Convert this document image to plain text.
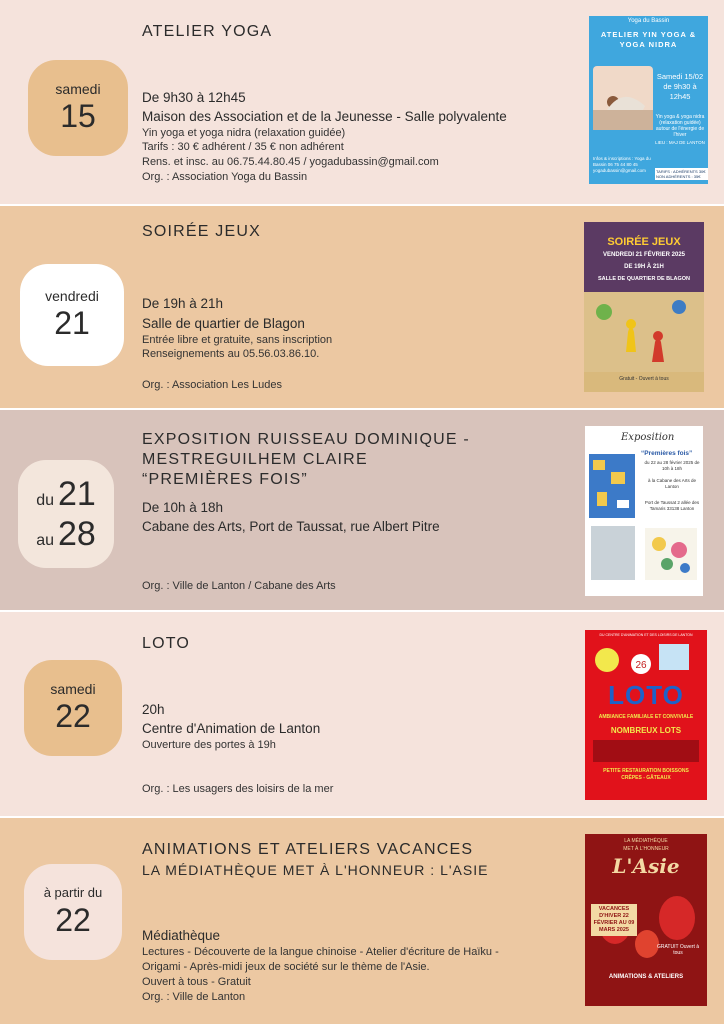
samedi
15
ATELIER YOGA
De 9h30 à 12h45
Maison des Association et de la Jeunesse - Salle polyvalente
Yin yoga et yoga nidra (relaxation guidée)
Tarifs : 30 € adhérent / 35 € non adhérent
Rens. et insc. au 06.75.44.80.45 / yogadubassin@gmail.com
Org. : Association Yoga du Bassin
Yoga du Bassin
ATELIER YIN YOGA & YOGA NIDRA
Samedi 15/02 de 9h30 à 12h45
Yin yoga & yoga nidra (relaxation guidée) autour de l'énergie de l'hiver
LIEU : MAJ DE LANTON
Infos & inscriptions : Yoga du Bassin 06 75 44 80 45 yogadubassin@gmail.com	TARIFS : ADHÉRENTS 30€ NON ADHÉRENTS : 35€
vendredi
21
SOIRÉE JEUX
De 19h à 21h
Salle de quartier de Blagon
Entrée libre et gratuite, sans inscription
Renseignements au 05.56.03.86.10.
Org. : Association Les Ludes
SOIRÉE JEUX
VENDREDI 21 FÉVRIER 2025
DE 19H À 21H
SALLE DE QUARTIER DE BLAGON
Gratuit - Ouvert à tous
du 21
au 28
EXPOSITION RUISSEAU DOMINIQUE - MESTREGUILHEM CLAIRE
“PREMIÈRES FOIS”
De 10h à 18h
Cabane des Arts, Port de Taussat, rue Albert Pitre
Org. : Ville de Lanton / Cabane des Arts
Exposition
“Premières fois”
du 22 au 28 février 2025 de 10h à 18h
à la Cabane des Arts de Lanton
Port de Taussat 2 allée des Tamaris 33138 Lanton
samedi
22
LOTO
20h
Centre d'Animation de Lanton
Ouverture des portes à 19h
Org. : Les usagers des loisirs de la mer
DU CENTRE D'ANIMATION ET DES LOISIRS DE LANTON
26
LOTO
AMBIANCE FAMILIALE ET CONVIVIALE
NOMBREUX LOTS
PETITE RESTAURATION BOISSONS CRÊPES - GÂTEAUX
à partir du
22
ANIMATIONS ET ATELIERS VACANCES
LA MÉDIATHÈQUE MET À L'HONNEUR : L'ASIE
Médiathèque
Lectures - Découverte de la langue chinoise - Atelier d'écriture de Haïku -
Origami - Après-midi jeux de société sur le thème de l'Asie.
Ouvert à tous - Gratuit
Org. : Ville de Lanton
LA MÉDIATHÈQUE
MET À L'HONNEUR
L'Asie
VACANCES D'HIVER 22 FÉVRIER AU 09 MARS 2025
GRATUIT Ouvert à tous
ANIMATIONS & ATELIERS
